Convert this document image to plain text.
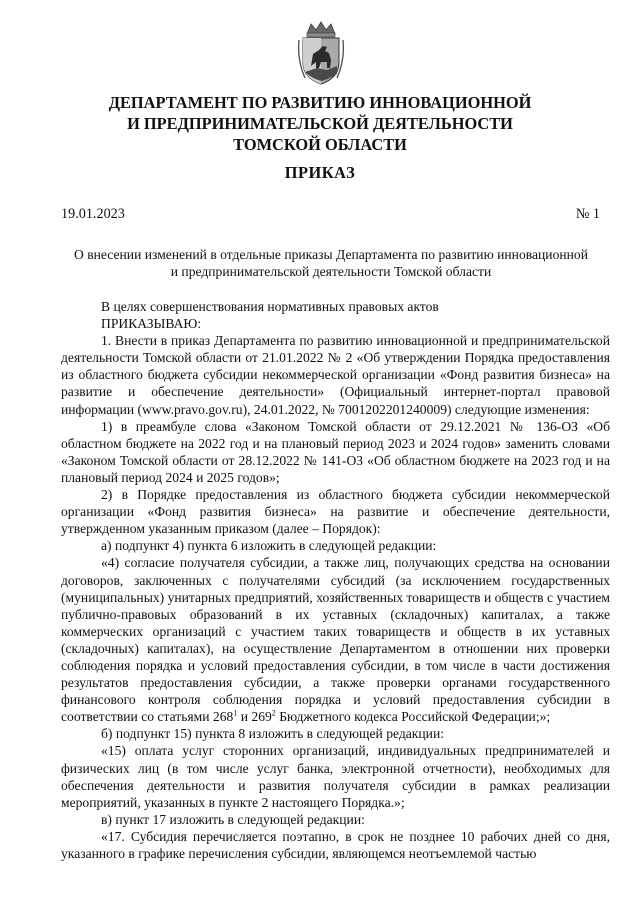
ДЕПАРТАМЕНТ ПО РАЗВИТИЮ ИННОВАЦИОННОЙ
И ПРЕДПРИНИМАТЕЛЬСКОЙ ДЕЯТЕЛЬНОСТИ
ТОМСКОЙ ОБЛАСТИ
ПРИКАЗ
19.01.2023	№ 1
О внесении изменений в отдельные приказы Департамента по развитию инновационной
и предпринимательской деятельности Томской области

В целях совершенствования нормативных правовых актов

ПРИКАЗЫВАЮ:

1. Внести в приказ Департамента по развитию инновационной и предпринимательской деятельности Томской области от 21.01.2022 № 2 «Об утверждении Порядка предоставления из областного бюджета субсидии некоммерческой организации «Фонд развития бизнеса» на развитие и обеспечение деятельности» (Официальный интернет-портал правовой информации (www.pravo.gov.ru), 24.01.2022, № 7001202201240009) следующие изменения:

1) в преамбуле слова «Законом Томской области от 29.12.2021 № 136-ОЗ «Об областном бюджете на 2022 год и на плановый период 2023 и 2024 годов» заменить словами «Законом Томской области от 28.12.2022 № 141-ОЗ «Об областном бюджете на 2023 год и на плановый период 2024 и 2025 годов»;

2) в Порядке предоставления из областного бюджета субсидии некоммерческой организации «Фонд развития бизнеса» на развитие и обеспечение деятельности, утвержденном указанным приказом (далее – Порядок):

а) подпункт 4) пункта 6 изложить в следующей редакции:

«4) согласие получателя субсидии, а также лиц, получающих средства на основании договоров, заключенных с получателями субсидий (за исключением государственных (муниципальных) унитарных предприятий, хозяйственных товариществ и обществ с участием публично-правовых образований в их уставных (складочных) капиталах, а также коммерческих организаций с участием таких товариществ и обществ в их уставных (складочных) капиталах), на осуществление Департаментом в отношении них проверки соблюдения порядка и условий предоставления субсидии, в том числе в части достижения результатов предоставления субсидии, а также проверки органами государственного финансового контроля соблюдения порядка и условий предоставления субсидии в соответствии со статьями $268^1$ и $269^2$ Бюджетного кодекса Российской Федерации;»;

б) подпункт 15) пункта 8 изложить в следующей редакции:

«15) оплата услуг сторонних организаций, индивидуальных предпринимателей и физических лиц (в том числе услуг банка, электронной отчетности), необходимых для обеспечения деятельности и развития получателя субсидии в рамках реализации мероприятий, указанных в пункте 2 настоящего Порядка.»;

в) пункт 17 изложить в следующей редакции:

«17. Субсидия перечисляется поэтапно, в срок не позднее 10 рабочих дней со дня, указанного в графике перечисления субсидии, являющемся неотъемлемой частью
